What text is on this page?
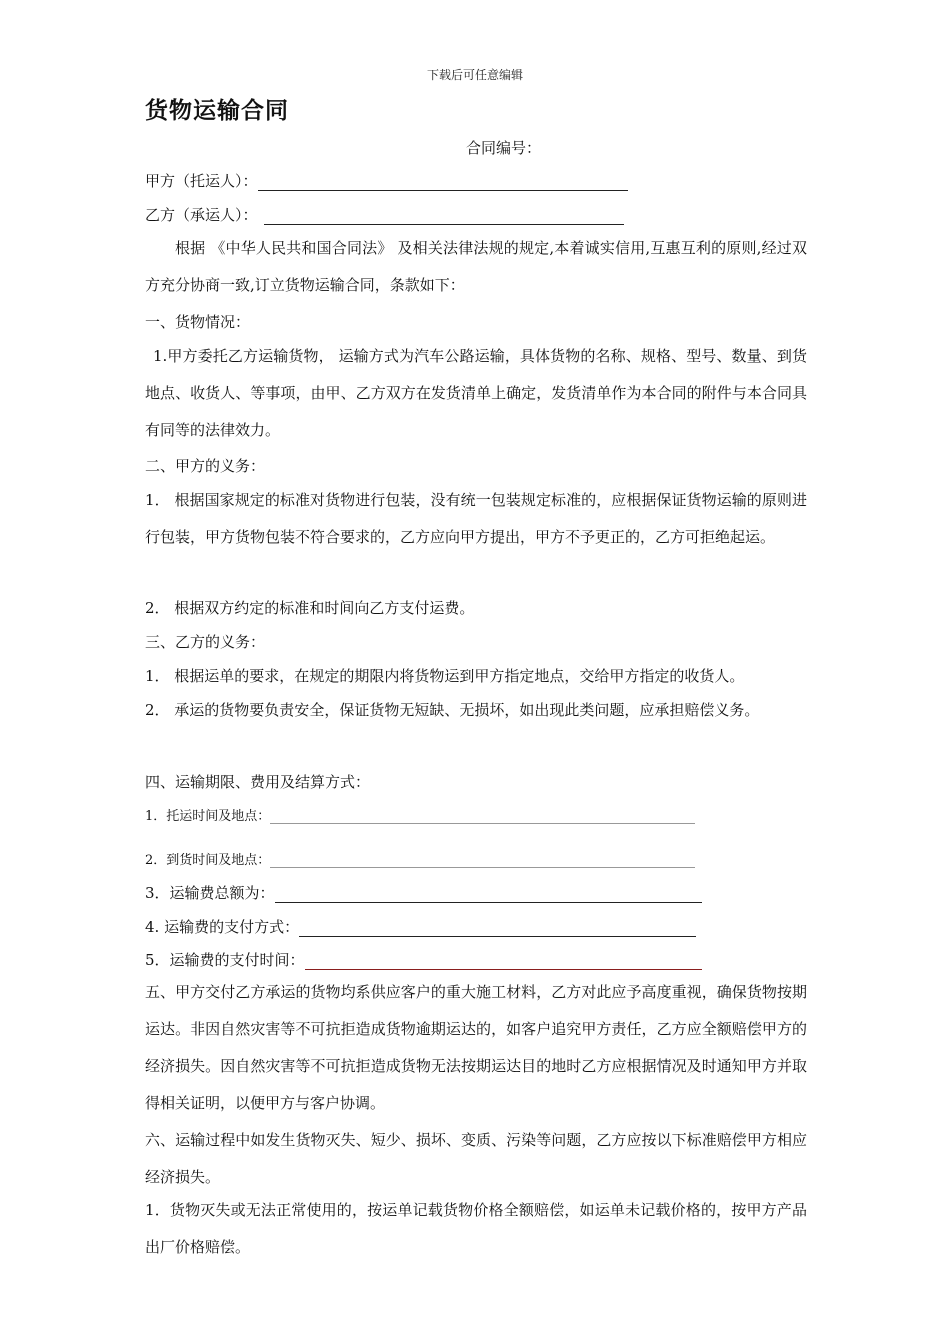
下载后可任意编辑
货物运输合同
合同编号：
甲方（托运人）：
乙方（承运人）：
根据 《中华人民共和国合同法》 及相关法律法规的规定,本着诚实信用,互惠互利的原则,经过双方充分协商一致,订立货物运输合同，条款如下：
一、货物情况：
1.甲方委托乙方运输货物， 运输方式为汽车公路运输，具体货物的名称、规格、型号、数量、到货地点、收货人、等事项，由甲、乙方双方在发货清单上确定，发货清单作为本合同的附件与本合同具有同等的法律效力。
二、甲方的义务：
1． 根据国家规定的标准对货物进行包装，没有统一包装规定标准的，应根据保证货物运输的原则进行包装，甲方货物包装不符合要求的，乙方应向甲方提出，甲方不予更正的，乙方可拒绝起运。
2． 根据双方约定的标准和时间向乙方支付运费。
三、乙方的义务：
1． 根据运单的要求，在规定的期限内将货物运到甲方指定地点，交给甲方指定的收货人。
2． 承运的货物要负责安全，保证货物无短缺、无损坏，如出现此类问题，应承担赔偿义务。
四、运输期限、费用及结算方式：
1．托运时间及地点：
2．到货时间及地点：
3．运输费总额为：
4. 运输费的支付方式：
5．运输费的支付时间：
五、甲方交付乙方承运的货物均系供应客户的重大施工材料，乙方对此应予高度重视，确保货物按期运达。非因自然灾害等不可抗拒造成货物逾期运达的，如客户追究甲方责任，乙方应全额赔偿甲方的经济损失。因自然灾害等不可抗拒造成货物无法按期运达目的地时乙方应根据情况及时通知甲方并取得相关证明，以便甲方与客户协调。
六、运输过程中如发生货物灭失、短少、损坏、变质、污染等问题，乙方应按以下标准赔偿甲方相应经济损失。
1．货物灭失或无法正常使用的，按运单记载货物价格全额赔偿，如运单未记载价格的，按甲方产品出厂价格赔偿。
